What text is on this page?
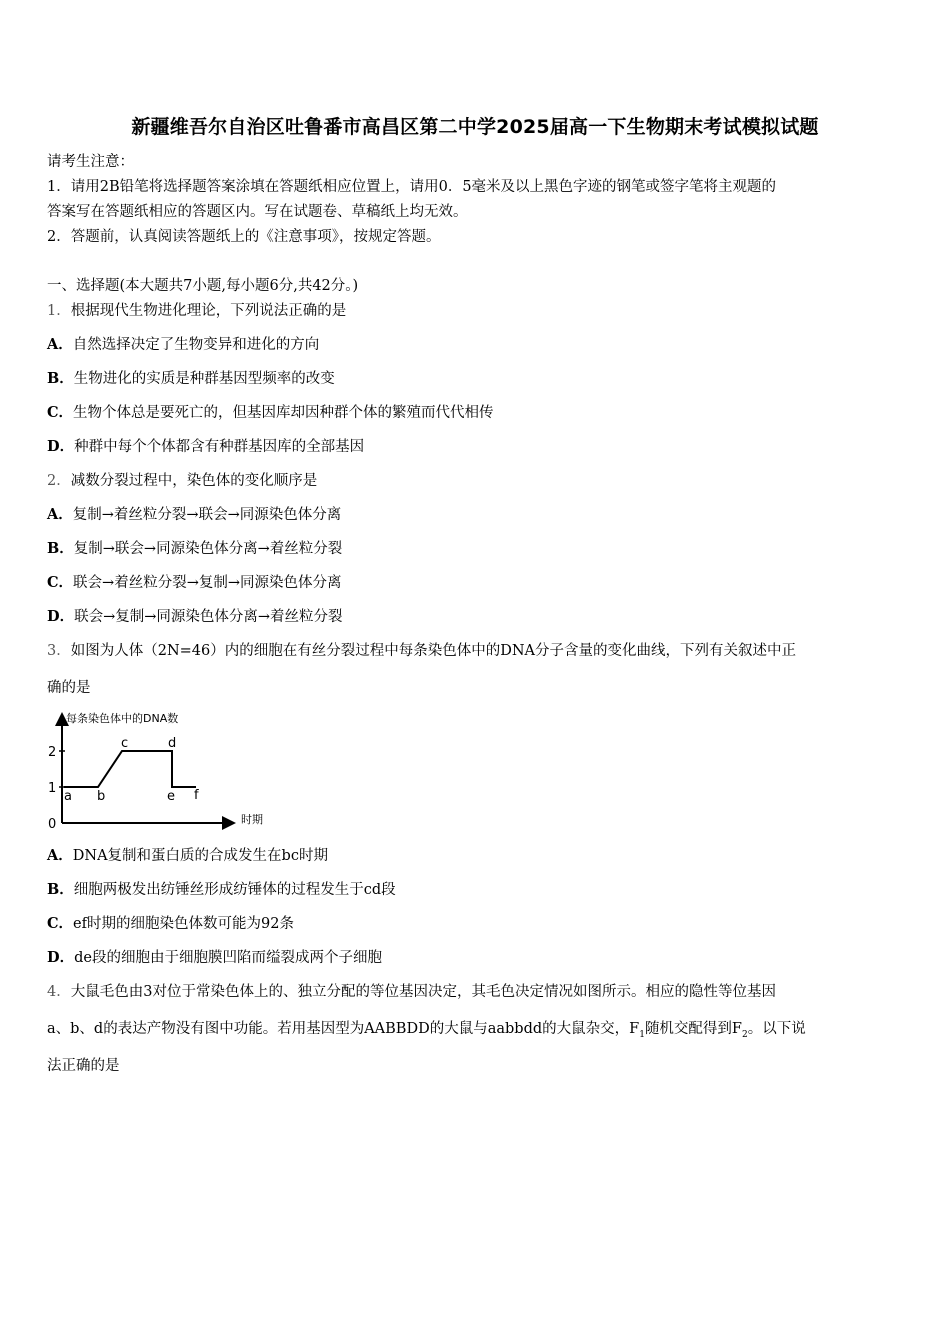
新疆维吾尔自治区吐鲁番市高昌区第二中学2025届高一下生物期末考试模拟试题
请考生注意：
1．请用2B铅笔将选择题答案涂填在答题纸相应位置上，请用0．5毫米及以上黑色字迹的钢笔或签字笔将主观题的
答案写在答题纸相应的答题区内。写在试题卷、草稿纸上均无效。
2．答题前，认真阅读答题纸上的《注意事项》，按规定答题。
一、选择题(本大题共7小题,每小题6分,共42分。)
1．根据现代生物进化理论，下列说法正确的是
A．自然选择决定了生物变异和进化的方向
B．生物进化的实质是种群基因型频率的改变
C．生物个体总是要死亡的，但基因库却因种群个体的繁殖而代代相传
D．种群中每个个体都含有种群基因库的全部基因
2．减数分裂过程中，染色体的变化顺序是
A．复制→着丝粒分裂→联会→同源染色体分离
B．复制→联会→同源染色体分离→着丝粒分裂
C．联会→着丝粒分裂→复制→同源染色体分离
D．联会→复制→同源染色体分离→着丝粒分裂
3．如图为人体（2N=46）内的细胞在有丝分裂过程中每条染色体中的DNA分子含量的变化曲线，下列有关叙述中正
确的是
每条染色体中的DNA数
时期
2
1
0
a b
c	d
e f
A．DNA复制和蛋白质的合成发生在bc时期
B．细胞两极发出纺锤丝形成纺锤体的过程发生于cd段
C．ef时期的细胞染色体数可能为92条
D．de段的细胞由于细胞膜凹陷而缢裂成两个子细胞
4．大鼠毛色由3对位于常染色体上的、独立分配的等位基因决定，其毛色决定情况如图所示。相应的隐性等位基因
a、b、d的表达产物没有图中功能。若用基因型为AABBDD的大鼠与aabbdd的大鼠杂交，$F_1$随机交配得到$F_2$。以下说
法正确的是
